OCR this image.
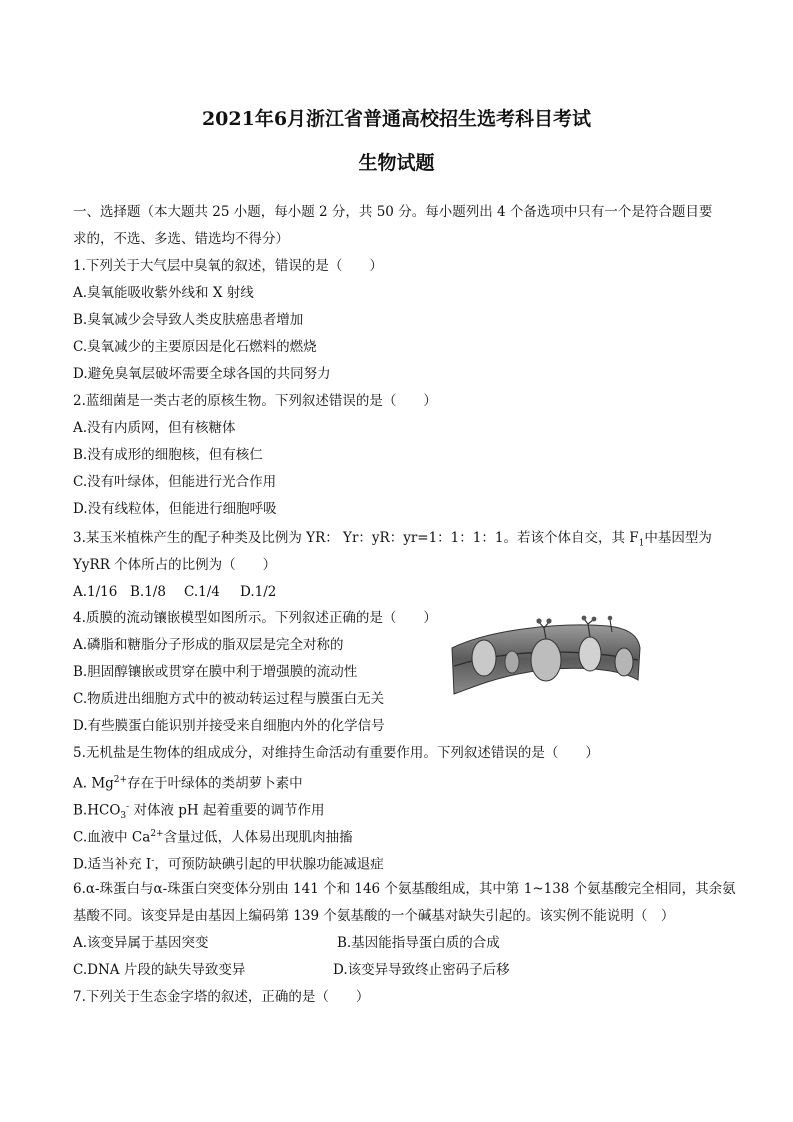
2021年6月浙江省普通高校招生选考科目考试
生物试题
一、选择题（本大题共 25 小题，每小题 2 分，共 50 分。每小题列出 4 个备选项中只有一个是符合题目要
求的，不选、多选、错选均不得分）
1.下列关于大气层中臭氧的叙述，错误的是（　　）
A.臭氧能吸收紫外线和 X 射线
B.臭氧减少会导致人类皮肤癌患者增加
C.臭氧减少的主要原因是化石燃料的燃烧
D.避免臭氧层破坏需要全球各国的共同努力
2.蓝细菌是一类古老的原核生物。下列叙述错误的是（　　）
A.没有内质网，但有核糖体
B.没有成形的细胞核，但有核仁
C.没有叶绿体，但能进行光合作用
D.没有线粒体，但能进行细胞呼吸
3.某玉米植株产生的配子种类及比例为 YR： Yr：yR：yr=1：1：1：1。若该个体自交，其 $F_1$中基因型为
YyRR 个体所占的比例为（　　）
A.1/16 B.1/8 C.1/4 D.1/2
4.质膜的流动镶嵌模型如图所示。下列叙述正确的是（　　）
A.磷脂和糖脂分子形成的脂双层是完全对称的
B.胆固醇镶嵌或贯穿在膜中利于增强膜的流动性
C.物质进出细胞方式中的被动转运过程与膜蛋白无关
D.有些膜蛋白能识别并接受来自细胞内外的化学信号
5.无机盐是生物体的组成成分，对维持生命活动有重要作用。下列叙述错误的是（　　）
A. $Mg^{2+}$存在于叶绿体的类胡萝卜素中
$B.HCO_3^-$ 对体液 pH 起着重要的调节作用
C.血液中 $Ca^{2+}$含量过低，人体易出现肌肉抽搐
D.适当补充 I-，可预防缺碘引起的甲状腺功能减退症
6.α-珠蛋白与α-珠蛋白突变体分别由 141 个和 146 个氨基酸组成，其中第 1~138 个氨基酸完全相同，其余氨
基酸不同。该变异是由基因上编码第 139 个氨基酸的一个碱基对缺失引起的。该实例不能说明（　）
A.该变异属于基因突变	B.基因能指导蛋白质的合成
C.DNA 片段的缺失导致变异	D.该变异导致终止密码子后移
7.下列关于生态金字塔的叙述，正确的是（　　）
